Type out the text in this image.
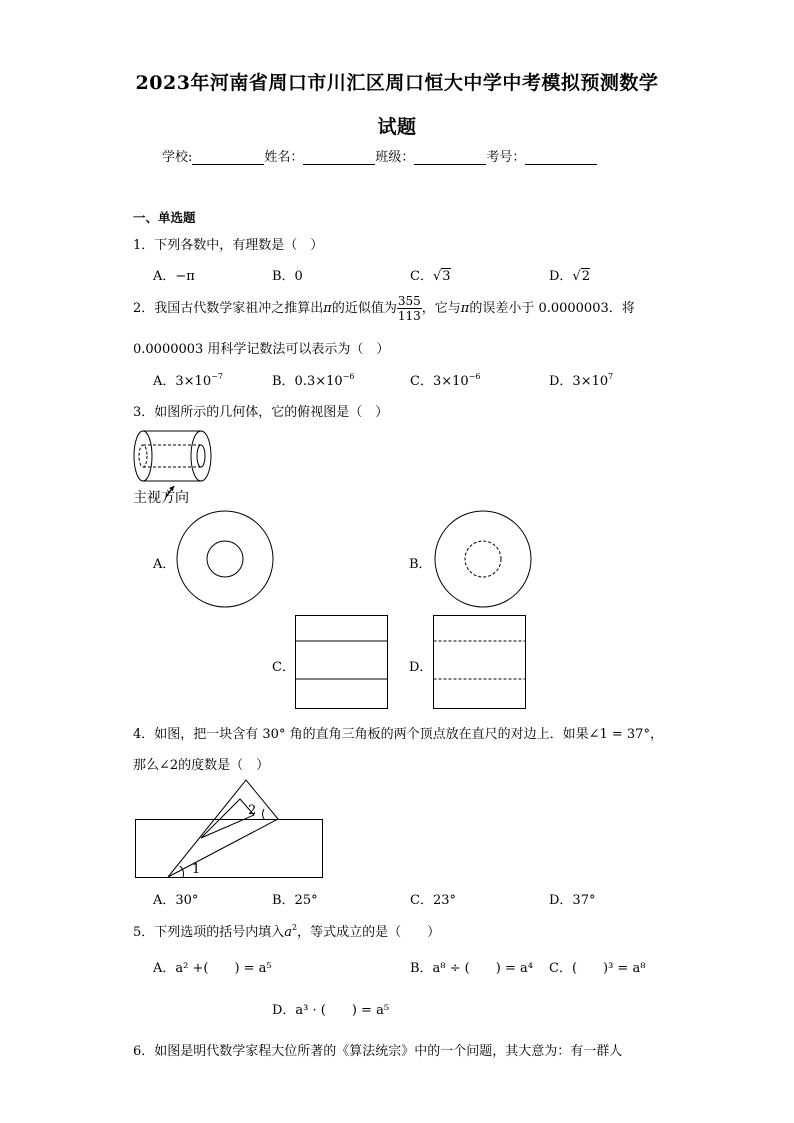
2023年河南省周口市川汇区周口恒大中学中考模拟预测数学
试题
学校:	姓名：	班级：	考号：
一、单选题
1．下列各数中，有理数是（　）
A．−π	B．0	C．√3	D．√2
2．我国古代数学家祖冲之推算出π的近似值为 $\frac{355}{113}$ ，它与π的误差小于 0.0000003．将
0.0000003 用科学记数法可以表示为（　）
A．$3\times 10^{-7}$	B．$0.3\times 10^{-6}$	C．$3\times 10^{-6}$	D．$3\times 10^7$
3．如图所示的几何体，它的俯视图是（　）
主视方向
A．	B．
C．	D．
4．如图，把一块含有 30° 角的直角三角板的两个顶点放在直尺的对边上．如果∠1 = 37°，
那么∠2的度数是（　）
1
2
A．30°	B．25°	C．23°	D．37°
5．下列选项的括号内填入$a^2$，等式成立的是（　　）
A．a² +(　　) = a⁵	B．a⁸ ÷ (　　) = a⁴ C．(　　)³ = a⁸
D．a³ · (　　) = a⁵
6．如图是明代数学家程大位所著的《算法统宗》中的一个问题，其大意为：有一群人
